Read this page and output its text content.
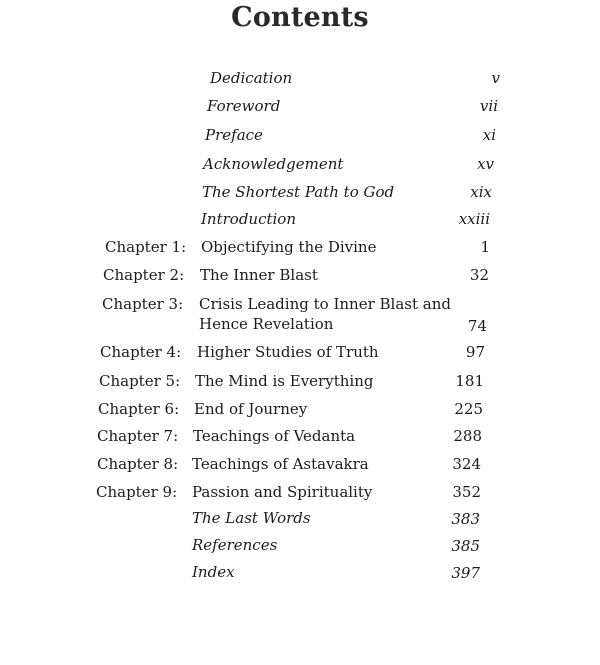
Contents
Dedication	v
Foreword	vii
Preface	xi
Acknowledgement	xv
The Shortest Path to God	xix
Introduction	xxiii
Chapter 1: Objectifying the Divine	1
Chapter 2: The Inner Blast	32
Chapter 3: Crisis Leading to Inner Blast and
Hence Revelation	74
Chapter 4: Higher Studies of Truth	97
Chapter 5: The Mind is Everything	181
Chapter 6: End of Journey	225
Chapter 7: Teachings of Vedanta	288
Chapter 8: Teachings of Astavakra	324
Chapter 9: Passion and Spirituality	352
The Last Words	383
References	385
Index	397
